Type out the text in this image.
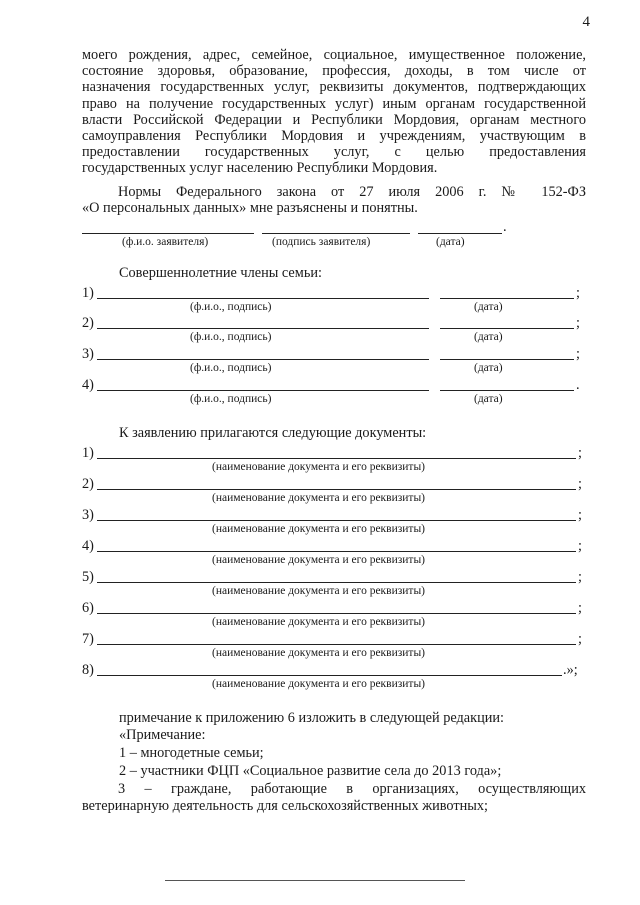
4
моего рождения, адрес, семейное, социальное, имущественное положение,
состояние здоровья, образование, профессия, доходы, в том числе от
назначения государственных услуг, реквизиты документов, подтверждающих
право на получение государственных услуг) иным органам государственной
власти Российской Федерации и Республики Мордовия, органам местного
самоуправления Республики Мордовия и учреждениям, участвующим в
предоставлении государственных услуг, с целью предоставления
государственных услуг населению Республики Мордовия.
Нормы Федерального закона от 27 июля 2006 г. № 152-ФЗ
«О персональных данных» мне разъяснены и понятны.
.
(ф.и.о. заявителя)	(подпись заявителя)	(дата)
Совершеннолетние члены семьи:
1)	;
(ф.и.о., подпись)	(дата)
2)	;
(ф.и.о., подпись)	(дата)
3)	;
(ф.и.о., подпись)	(дата)
4)	.
(ф.и.о., подпись)	(дата)
К заявлению прилагаются следующие документы:
1)	;
(наименование документа и его реквизиты)
2)	;
(наименование документа и его реквизиты)
3)	;
(наименование документа и его реквизиты)
4)	;
(наименование документа и его реквизиты)
5)	;
(наименование документа и его реквизиты)
6)	;
(наименование документа и его реквизиты)
7)	;
(наименование документа и его реквизиты)
8)	.»;
(наименование документа и его реквизиты)
примечание к приложению 6 изложить в следующей редакции:
«Примечание:
1 – многодетные семьи;
2 – участники ФЦП «Социальное развитие села до 2013 года»;
3 – граждане, работающие в организациях, осуществляющих
ветеринарную деятельность для сельскохозяйственных животных;
